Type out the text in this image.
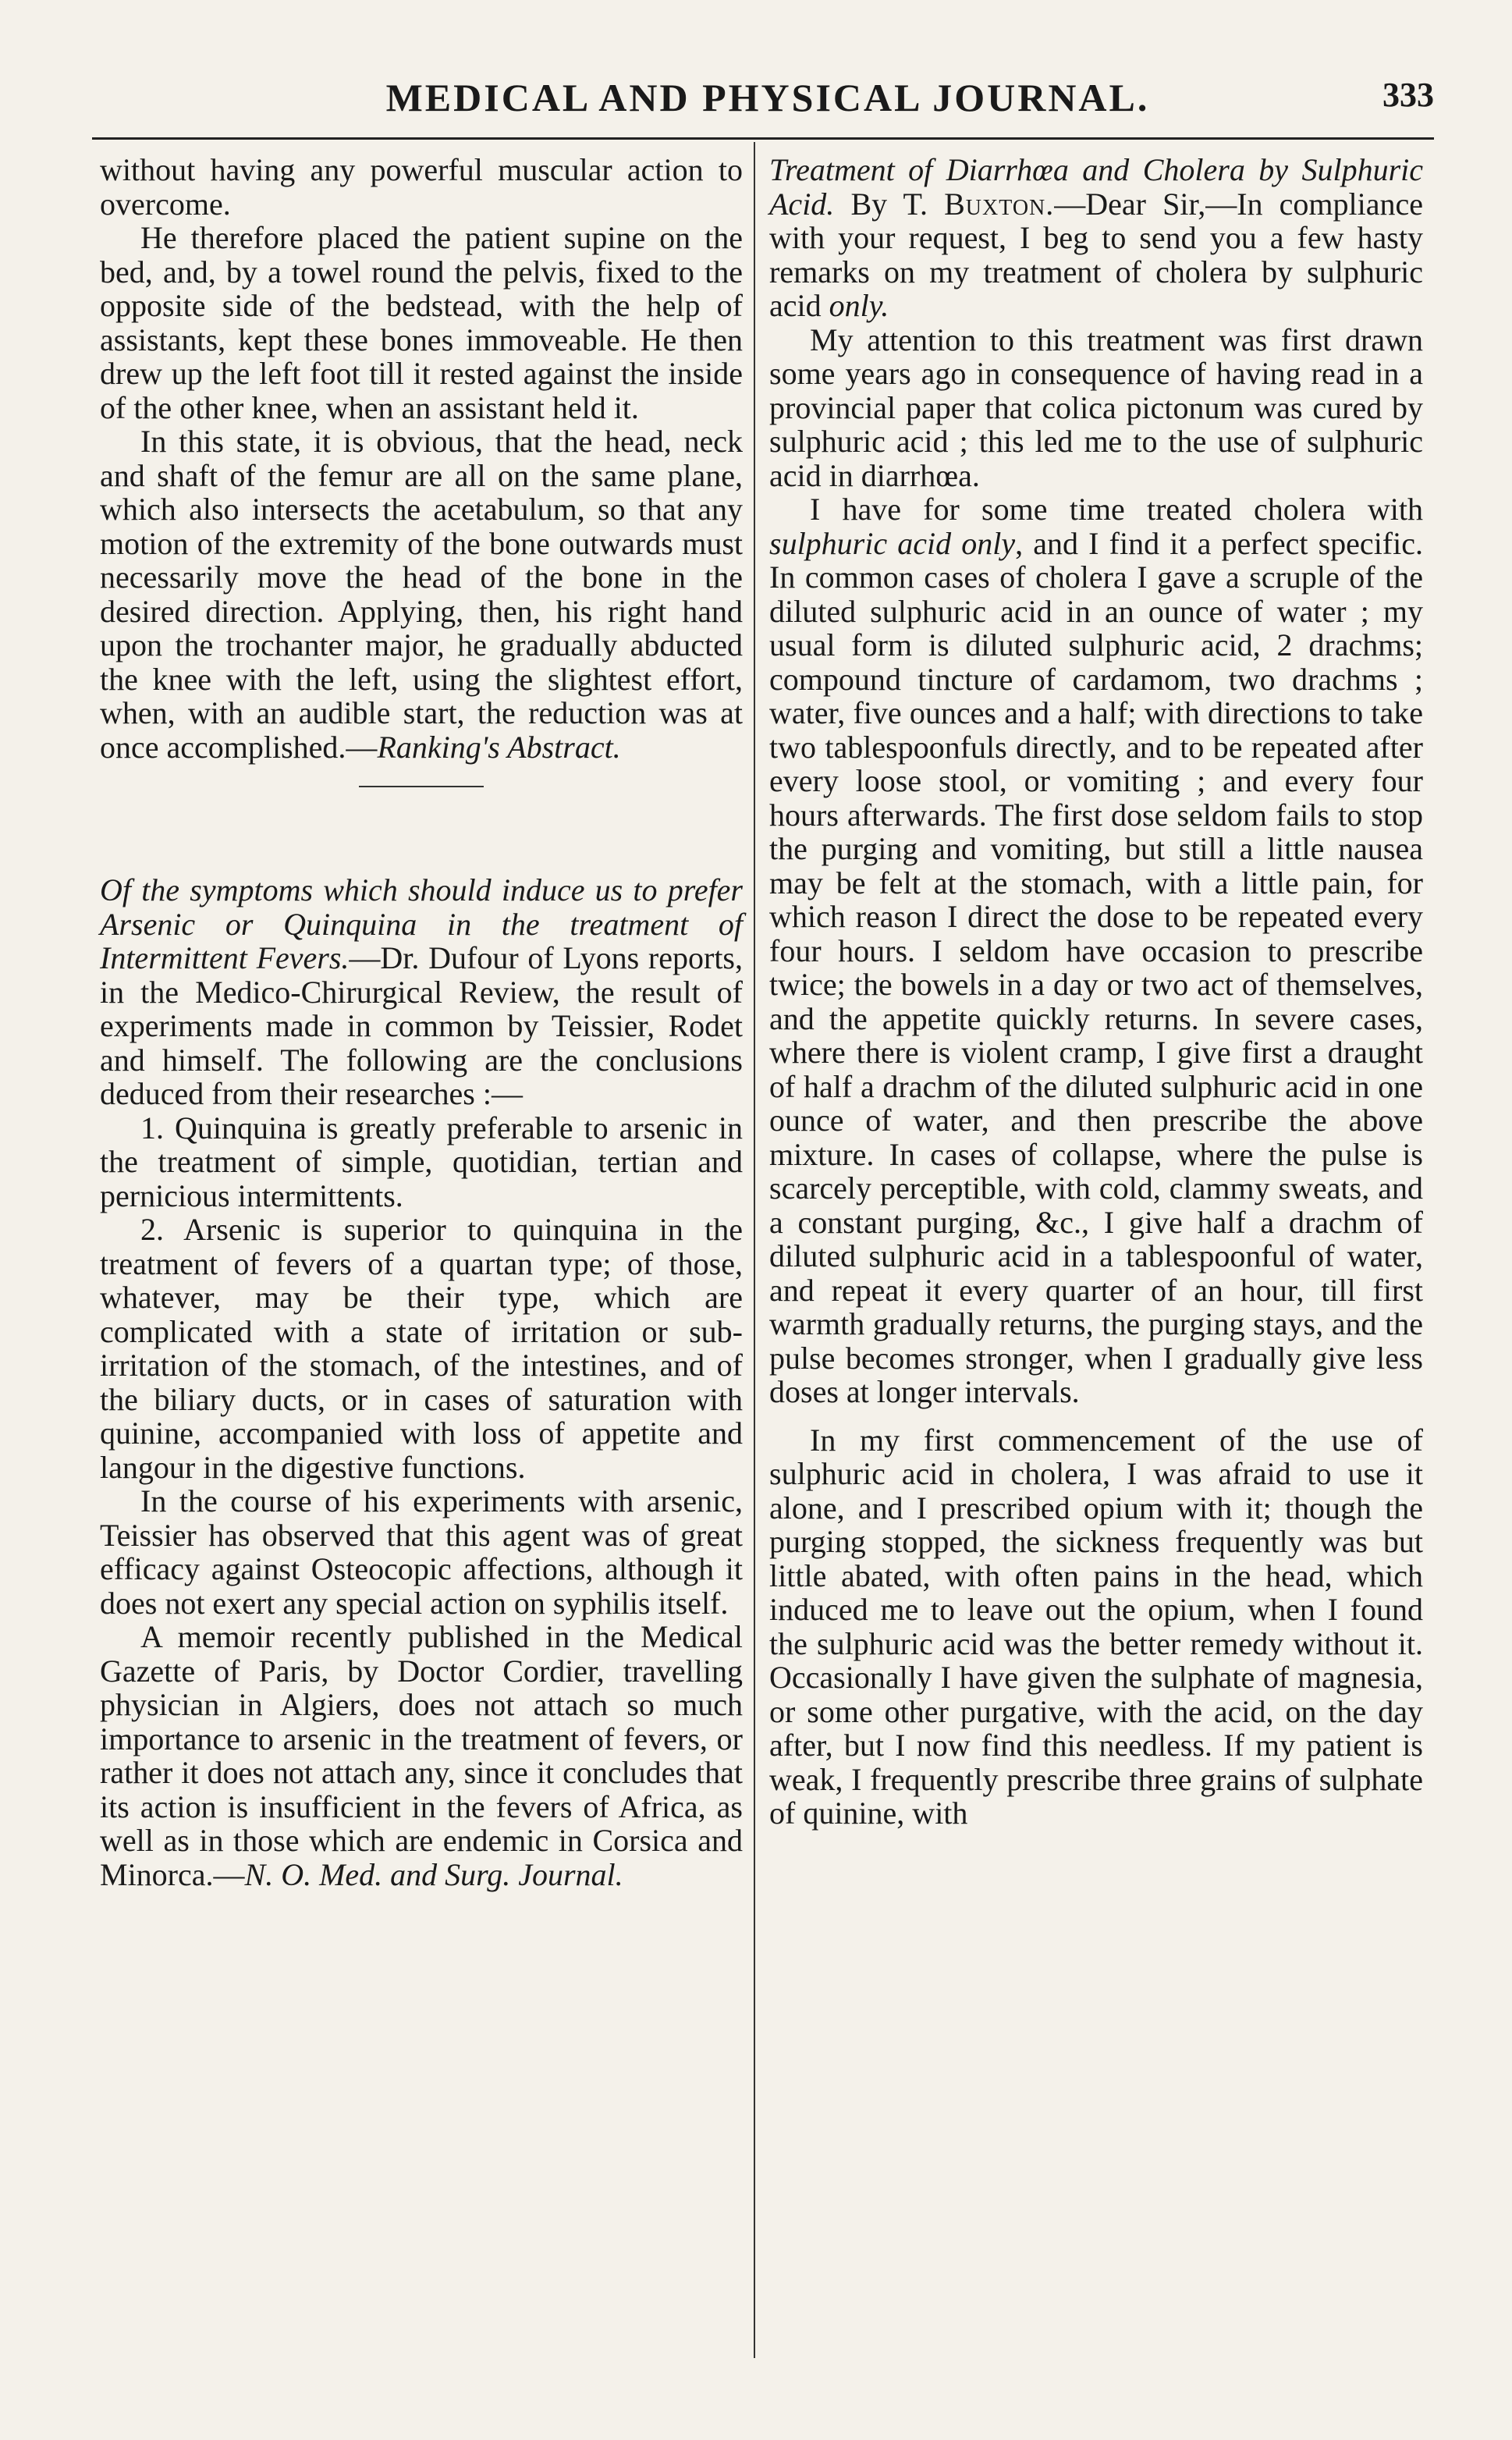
MEDICAL AND PHYSICAL JOURNAL.	333

without having any powerful muscular action to overcome.

He therefore placed the patient supine on the bed, and, by a towel round the pelvis, fixed to the opposite side of the bedstead, with the help of assistants, kept these bones immoveable. He then drew up the left foot till it rested against the inside of the other knee, when an assistant held it.

In this state, it is obvious, that the head, neck and shaft of the femur are all on the same plane, which also intersects the acetabulum, so that any motion of the extremity of the bone outwards must necessarily move the head of the bone in the desired direction. Applying, then, his right hand upon the trochanter major, he gradually abducted the knee with the left, using the slightest effort, when, with an audible start, the reduction was at once accomplished.—Ranking's Abstract.

Of the symptoms which should induce us to prefer Arsenic or Quinquina in the treatment of Intermittent Fevers.—Dr. Dufour of Lyons reports, in the Medico-Chirurgical Review, the result of experiments made in common by Teissier, Rodet and himself. The following are the conclusions deduced from their researches :—

1. Quinquina is greatly preferable to arsenic in the treatment of simple, quotidian, tertian and pernicious intermittents.

2. Arsenic is superior to quinquina in the treatment of fevers of a quartan type; of those, whatever, may be their type, which are complicated with a state of irritation or sub-irritation of the stomach, of the intestines, and of the biliary ducts, or in cases of saturation with quinine, accompanied with loss of appetite and langour in the digestive functions.

In the course of his experiments with arsenic, Teissier has observed that this agent was of great efficacy against Osteocopic affections, although it does not exert any special action on syphilis itself.

A memoir recently published in the Medical Gazette of Paris, by Doctor Cordier, travelling physician in Algiers, does not attach so much importance to arsenic in the treatment of fevers, or rather it does not attach any, since it concludes that its action is insufficient in the fevers of Africa, as well as in those which are endemic in Corsica and Minorca.—N. O. Med. and Surg. Journal.

Treatment of Diarrhœa and Cholera by Sulphuric Acid. By T. Buxton.—Dear Sir,—In compliance with your request, I beg to send you a few hasty remarks on my treatment of cholera by sulphuric acid only.

My attention to this treatment was first drawn some years ago in consequence of having read in a provincial paper that colica pictonum was cured by sulphuric acid ; this led me to the use of sulphuric acid in diarrhœa.

I have for some time treated cholera with sulphuric acid only, and I find it a perfect specific. In common cases of cholera I gave a scruple of the diluted sulphuric acid in an ounce of water ; my usual form is diluted sulphuric acid, 2 drachms; compound tincture of cardamom, two drachms ; water, five ounces and a half; with directions to take two tablespoonfuls directly, and to be repeated after every loose stool, or vomiting ; and every four hours afterwards. The first dose seldom fails to stop the purging and vomiting, but still a little nausea may be felt at the stomach, with a little pain, for which reason I direct the dose to be repeated every four hours. I seldom have occasion to prescribe twice; the bowels in a day or two act of themselves, and the appetite quickly returns. In severe cases, where there is violent cramp, I give first a draught of half a drachm of the diluted sulphuric acid in one ounce of water, and then prescribe the above mixture. In cases of collapse, where the pulse is scarcely perceptible, with cold, clammy sweats, and a constant purging, &c., I give half a drachm of diluted sulphuric acid in a tablespoonful of water, and repeat it every quarter of an hour, till first warmth gradually returns, the purging stays, and the pulse becomes stronger, when I gradually give less doses at longer intervals.

In my first commencement of the use of sulphuric acid in cholera, I was afraid to use it alone, and I prescribed opium with it; though the purging stopped, the sickness frequently was but little abated, with often pains in the head, which induced me to leave out the opium, when I found the sulphuric acid was the better remedy without it. Occasionally I have given the sulphate of magnesia, or some other purgative, with the acid, on the day after, but I now find this needless. If my patient is weak, I frequently prescribe three grains of sulphate of quinine, with
